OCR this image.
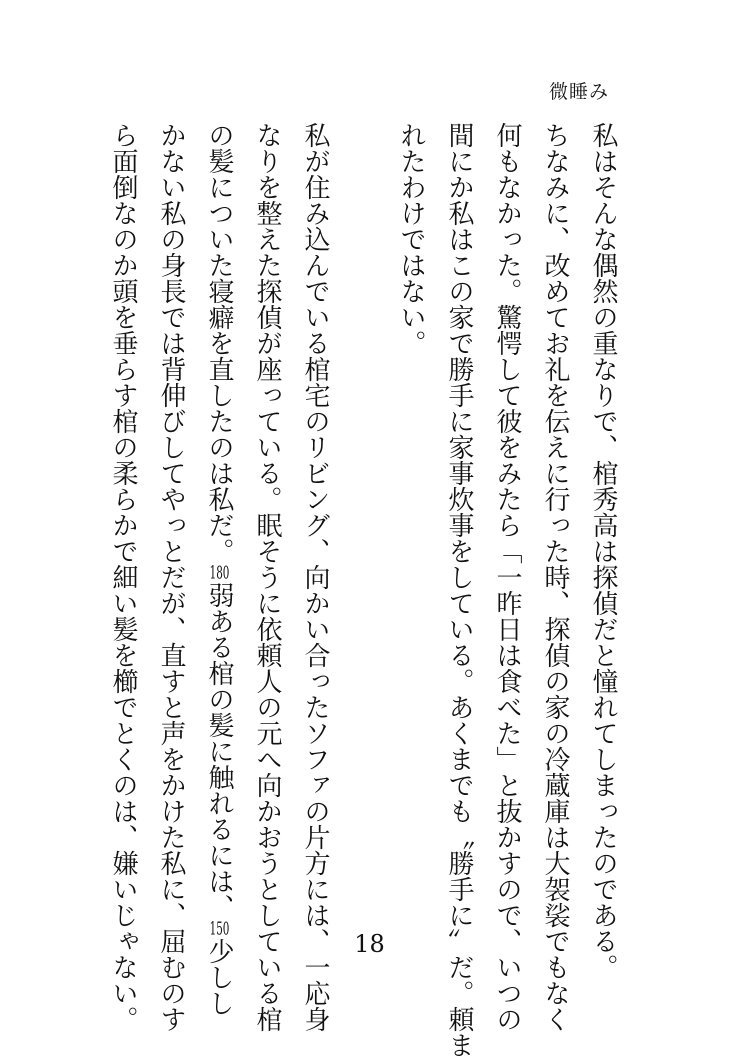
微睡み
私はそんな偶然の重なりで、棺秀高は探偵だと憧れてしまったのである。
ちなみに、改めてお礼を伝えに行った時、探偵の家の冷蔵庫は大袈裟でもなく
何もなかった。驚愕して彼をみたら「一昨日は食べた」と抜かすので、いつの
間にか私はこの家で勝手に家事炊事をしている。あくまでも〝勝手に〟だ。頼ま
れたわけではない。
私が住み込んでいる棺宅のリビング、向かい合ったソファの片方には、一応身
なりを整えた探偵が座っている。眠そうに依頼人の元へ向かおうとしている棺
の髪についた寝癖を直したのは私だ。180弱ある棺の髪に触れるには、150少しし
かない私の身長では背伸びしてやっとだが、直すと声をかけた私に、屈むのす
ら面倒なのか頭を垂らす棺の柔らかで細い髪を櫛でとくのは、嫌いじゃない。	18
